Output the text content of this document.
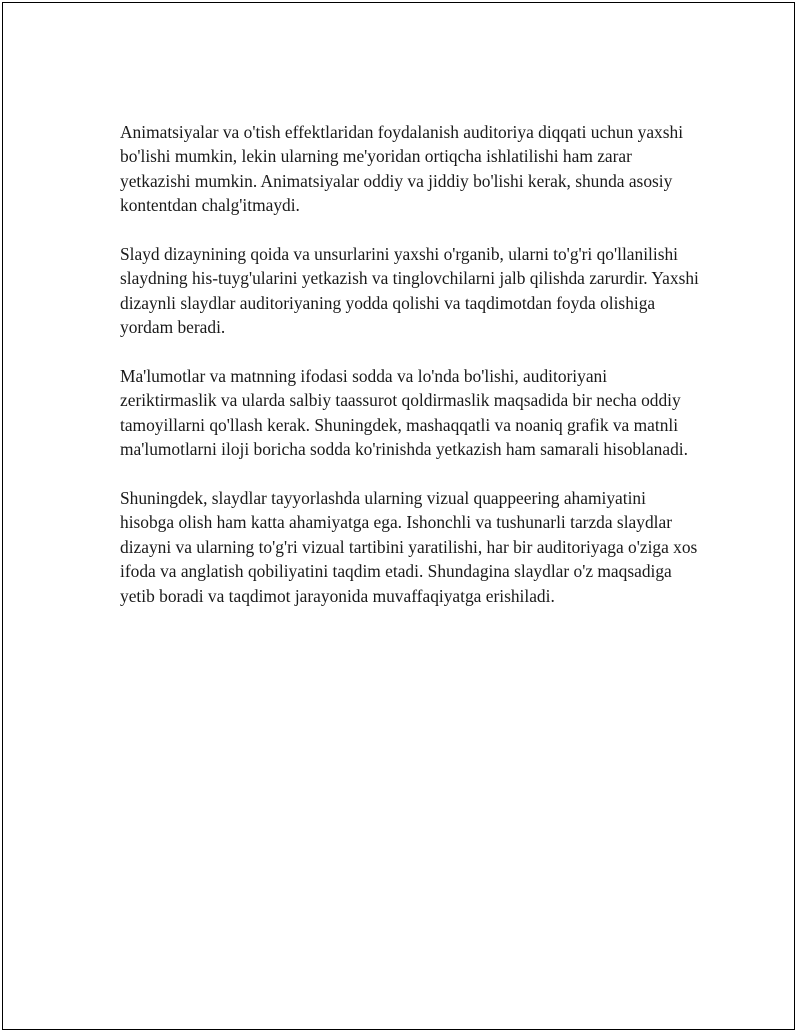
Animatsiyalar va o'tish effektlaridan foydalanish auditoriya diqqati uchun yaxshi bo'lishi mumkin, lekin ularning me'yoridan ortiqcha ishlatilishi ham zarar yetkazishi mumkin. Animatsiyalar oddiy va jiddiy bo'lishi kerak, shunda asosiy kontentdan chalg'itmaydi.

Slayd dizaynining qoida va unsurlarini yaxshi o'rganib, ularni to'g'ri qo'llanilishi slaydning his-tuyg'ularini yetkazish va tinglovchilarni jalb qilishda zarurdir. Yaxshi dizaynli slaydlar auditoriyaning yodda qolishi va taqdimotdan foyda olishiga yordam beradi.

Ma'lumotlar va matnning ifodasi sodda va lo'nda bo'lishi, auditoriyani zeriktirmaslik va ularda salbiy taassurot qoldirmaslik maqsadida bir necha oddiy tamoyillarni qo'llash kerak. Shuningdek, mashaqqatli va noaniq grafik va matnli ma'lumotlarni iloji boricha sodda ko'rinishda yetkazish ham samarali hisoblanadi.

Shuningdek, slaydlar tayyorlashda ularning vizual quappeering ahamiyatini hisobga olish ham katta ahamiyatga ega. Ishonchli va tushunarli tarzda slaydlar dizayni va ularning to'g'ri vizual tartibini yaratilishi, har bir auditoriyaga o'ziga xos ifoda va anglatish qobiliyatini taqdim etadi. Shundagina slaydlar o'z maqsadiga yetib boradi va taqdimot jarayonida muvaffaqiyatga erishiladi.
